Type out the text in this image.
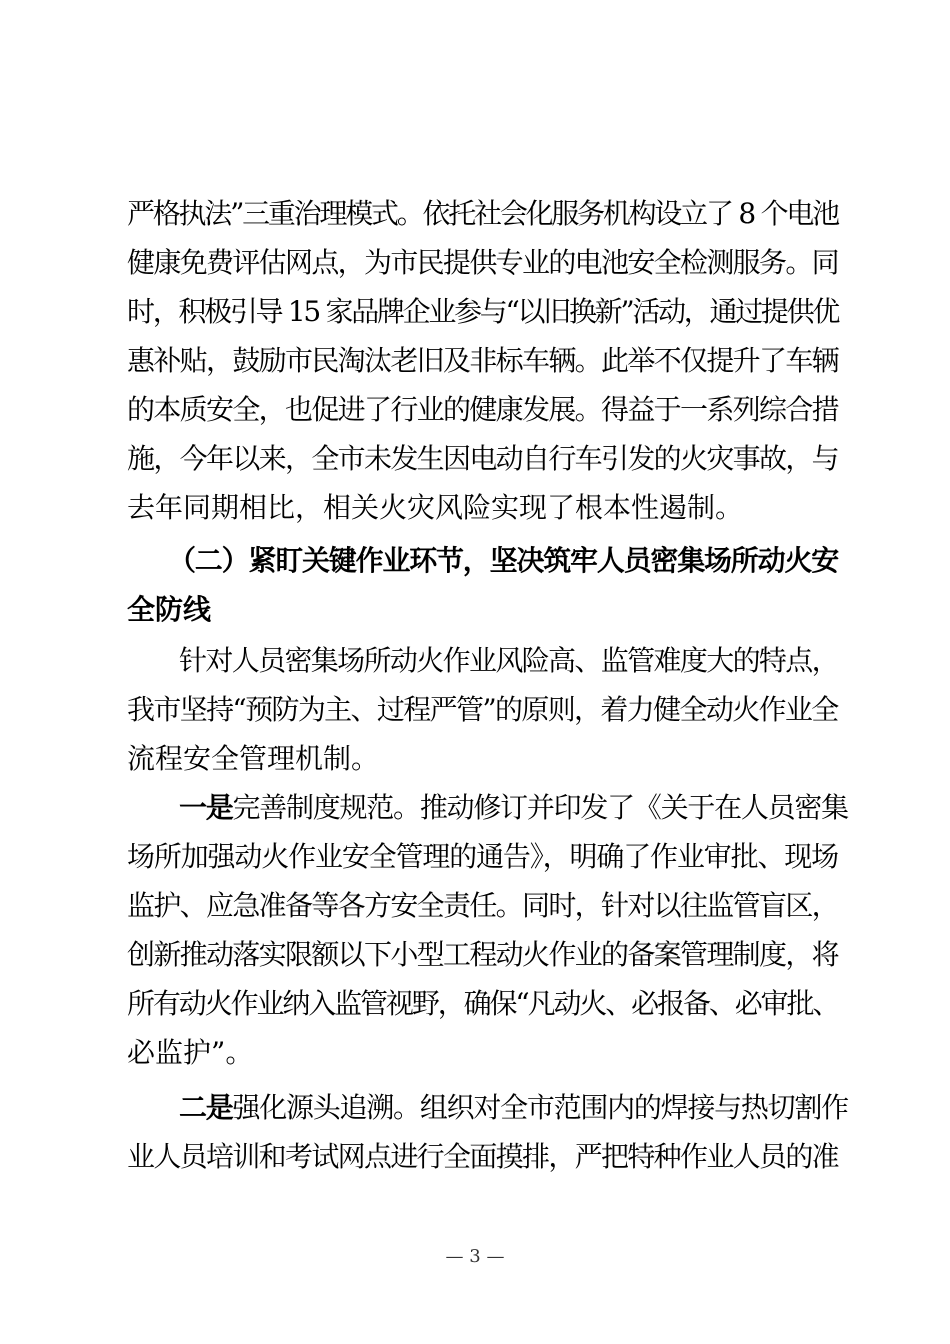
严格执法”三重治理模式。依托社会化服务机构设立了 8 个电池
健康免费评估网点，为市民提供专业的电池安全检测服务。同
时，积极引导 15 家品牌企业参与“以旧换新”活动，通过提供优
惠补贴，鼓励市民淘汰老旧及非标车辆。此举不仅提升了车辆
的本质安全，也促进了行业的健康发展。得益于一系列综合措
施，今年以来，全市未发生因电动自行车引发的火灾事故，与
去年同期相比，相关火灾风险实现了根本性遏制。
（二）紧盯关键作业环节，坚决筑牢人员密集场所动火安
全防线
针对人员密集场所动火作业风险高、监管难度大的特点，
我市坚持“预防为主、过程严管”的原则，着力健全动火作业全
流程安全管理机制。
一是完善制度规范。推动修订并印发了《关于在人员密集
场所加强动火作业安全管理的通告》，明确了作业审批、现场
监护、应急准备等各方安全责任。同时，针对以往监管盲区，
创新推动落实限额以下小型工程动火作业的备案管理制度，将
所有动火作业纳入监管视野，确保“凡动火、必报备、必审批、
必监护”。
二是强化源头追溯。组织对全市范围内的焊接与热切割作
业人员培训和考试网点进行全面摸排，严把特种作业人员的准
— 3 —
